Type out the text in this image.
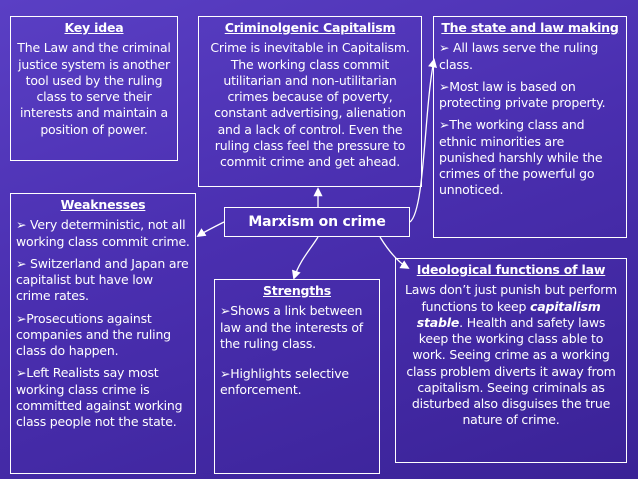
Key idea
The Law and the criminal justice system is another tool used by the ruling class to serve their interests and maintain a position of power.
Criminolgenic Capitalism
Crime is inevitable in Capitalism. The working class commit utilitarian and non-utilitarian crimes because of poverty, constant advertising, alienation and a lack of control. Even the ruling class feel the pressure to commit crime and get ahead.
The state and law making
➢ All laws serve the ruling class.
➢Most law is based on protecting private property.
➢The working class and ethnic minorities are punished harshly while the crimes of the powerful go unnoticed.
Weaknesses
➢ Very deterministic, not all working class commit crime.
➢ Switzerland and Japan are capitalist but have low crime rates.
➢Prosecutions against companies and the ruling class do happen.
➢Left Realists say most working class crime is committed against working class people not the state.
Marxism on crime
Strengths
➢Shows a link between law and the interests of the ruling class.
➢Highlights selective enforcement.
Ideological functions of law
Laws don’t just punish but perform functions to keep capitalism stable. Health and safety laws keep the working class able to work. Seeing crime as a working class problem diverts it away from capitalism. Seeing criminals as disturbed also disguises the true nature of crime.
